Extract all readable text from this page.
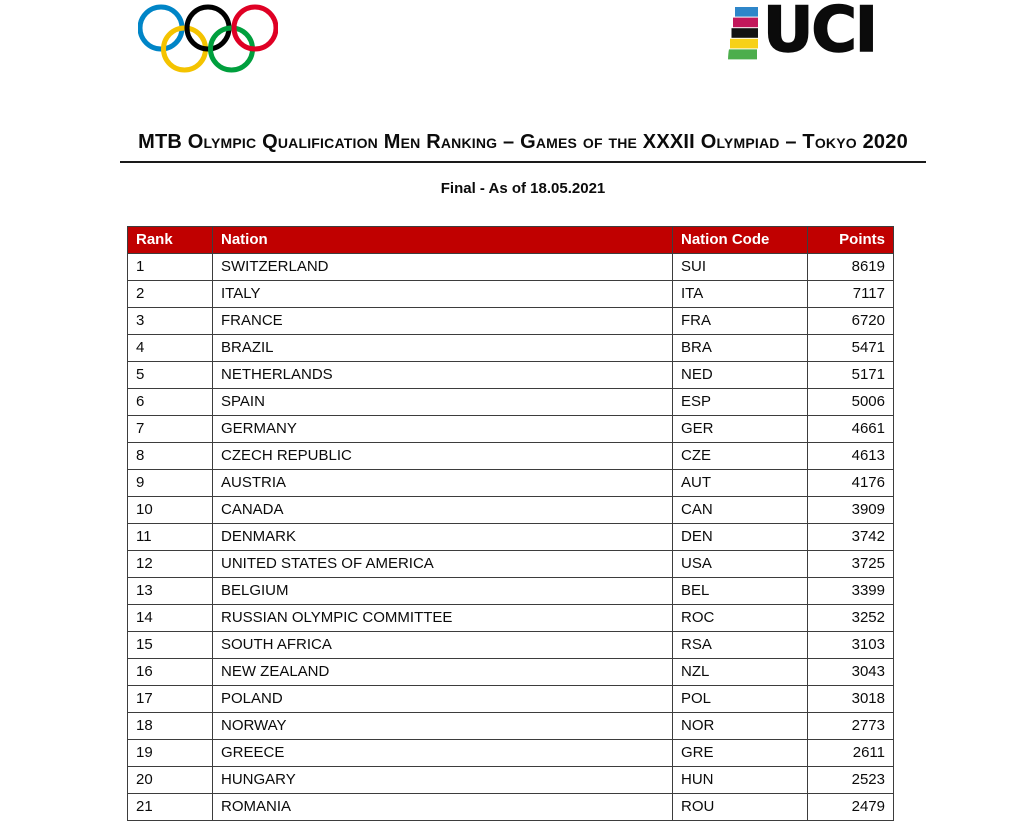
UCI
MTB Olympic Qualification Men Ranking – Games of the XXXII Olympiad – Tokyo 2020
Final - As of 18.05.2021
Rank	Nation	Nation Code	Points
1	SWITZERLAND	SUI	8619
2	ITALY	ITA	7117
3	FRANCE	FRA	6720
4	BRAZIL	BRA	5471
5	NETHERLANDS	NED	5171
6	SPAIN	ESP	5006
7	GERMANY	GER	4661
8	CZECH REPUBLIC	CZE	4613
9	AUSTRIA	AUT	4176
10	CANADA	CAN	3909
11	DENMARK	DEN	3742
12	UNITED STATES OF AMERICA	USA	3725
13	BELGIUM	BEL	3399
14	RUSSIAN OLYMPIC COMMITTEE	ROC	3252
15	SOUTH AFRICA	RSA	3103
16	NEW ZEALAND	NZL	3043
17	POLAND	POL	3018
18	NORWAY	NOR	2773
19	GREECE	GRE	2611
20	HUNGARY	HUN	2523
21	ROMANIA	ROU	2479
